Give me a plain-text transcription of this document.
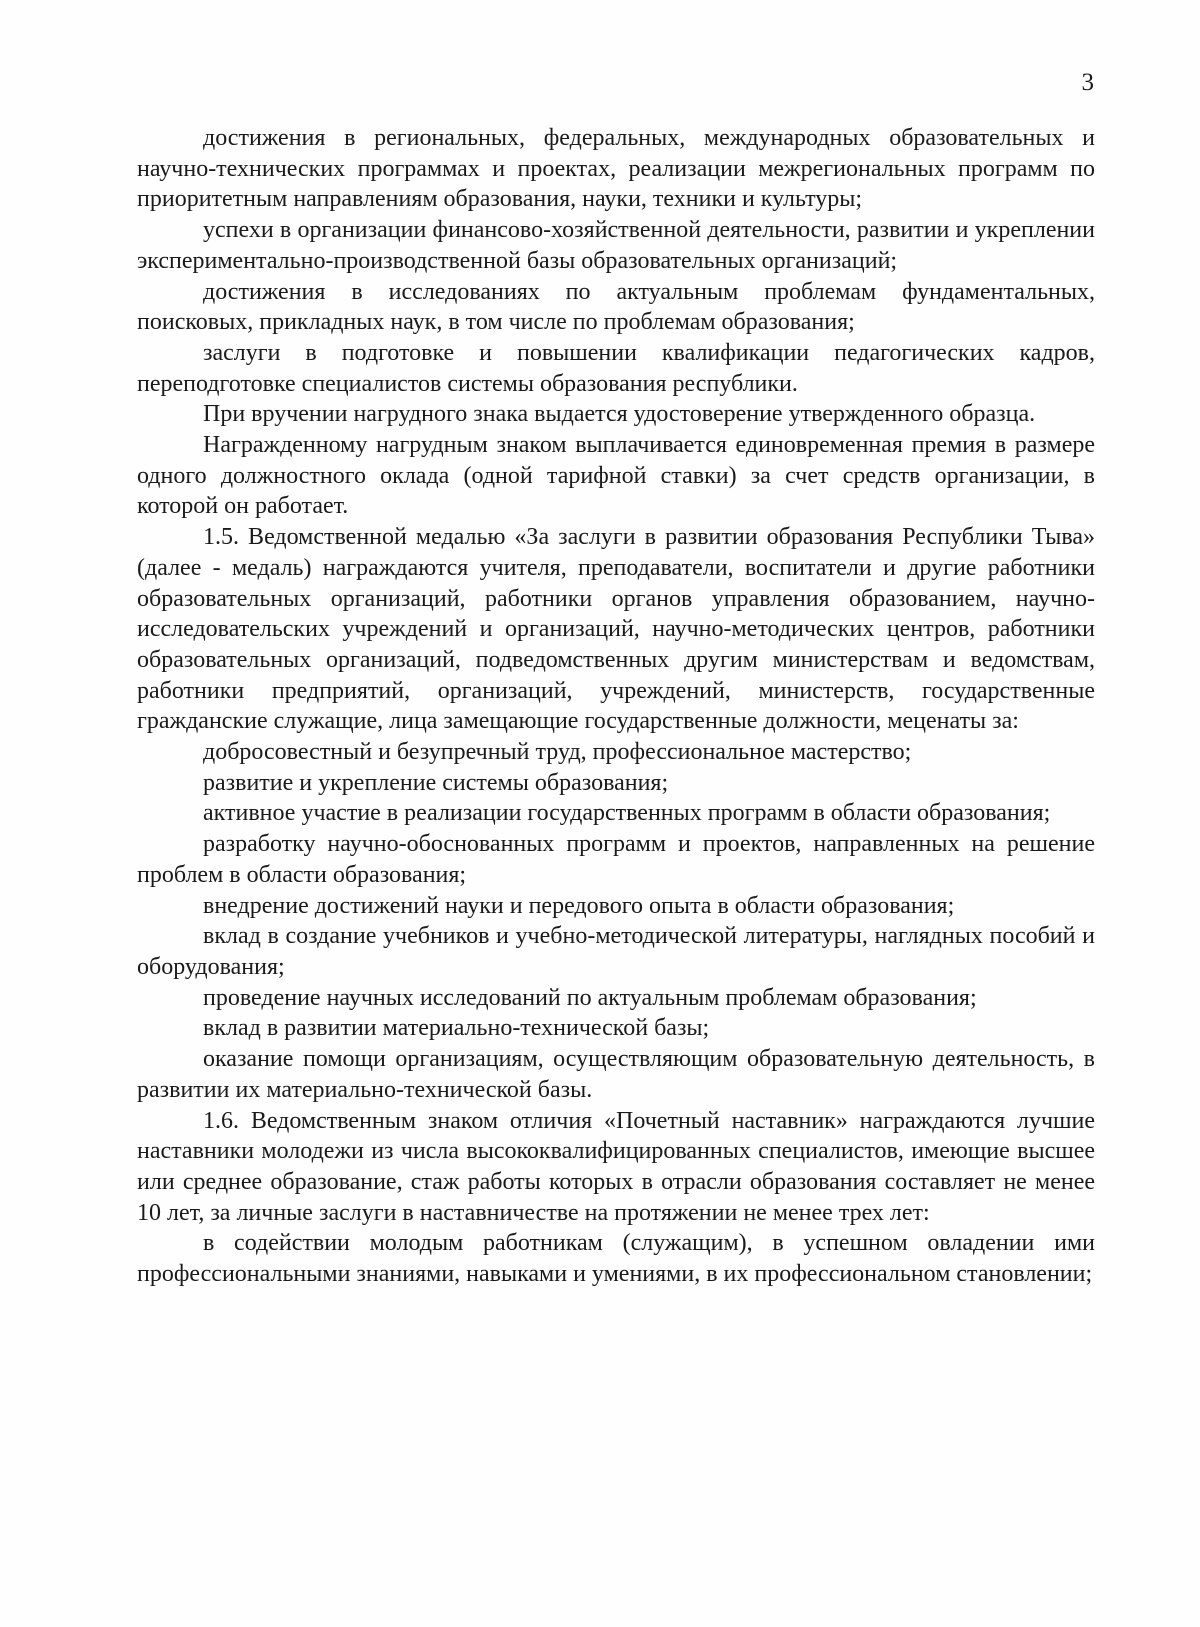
3

достижения в региональных, федеральных, международных образовательных и научно-технических программах и проектах, реализации межрегиональных программ по приоритетным направлениям образования, науки, техники и культуры;

успехи в организации финансово-хозяйственной деятельности, развитии и укреплении экспериментально-производственной базы образовательных организаций;

достижения в исследованиях по актуальным проблемам фундаментальных, поисковых, прикладных наук, в том числе по проблемам образования;

заслуги в подготовке и повышении квалификации педагогических кадров, переподготовке специалистов системы образования республики.

При вручении нагрудного знака выдается удостоверение утвержденного образца.

Награжденному нагрудным знаком выплачивается единовременная премия в размере одного должностного оклада (одной тарифной ставки) за счет средств организации, в которой он работает.

1.5. Ведомственной медалью «За заслуги в развитии образования Республики Тыва» (далее - медаль) награждаются учителя, преподаватели, воспитатели и другие работники образовательных организаций, работники органов управления образованием, научно-исследовательских учреждений и организаций, научно-методических центров, работники образовательных организаций, подведомственных другим министерствам и ведомствам, работники предприятий, организаций, учреждений, министерств, государственные гражданские служащие, лица замещающие государственные должности, меценаты за:

добросовестный и безупречный труд, профессиональное мастерство;

развитие и укрепление системы образования;

активное участие в реализации государственных программ в области образования;

разработку научно-обоснованных программ и проектов, направленных на решение проблем в области образования;

внедрение достижений науки и передового опыта в области образования;

вклад в создание учебников и учебно-методической литературы, наглядных пособий и оборудования;

проведение научных исследований по актуальным проблемам образования;

вклад в развитии материально-технической базы;

оказание помощи организациям, осуществляющим образовательную деятельность, в развитии их материально-технической базы.

1.6. Ведомственным знаком отличия «Почетный наставник» награждаются лучшие наставники молодежи из числа высококвалифицированных специалистов, имеющие высшее или среднее образование, стаж работы которых в отрасли образования составляет не менее 10 лет, за личные заслуги в наставничестве на протяжении не менее трех лет:

в содействии молодым работникам (служащим), в успешном овладении ими профессиональными знаниями, навыками и умениями, в их профессиональном становлении;
